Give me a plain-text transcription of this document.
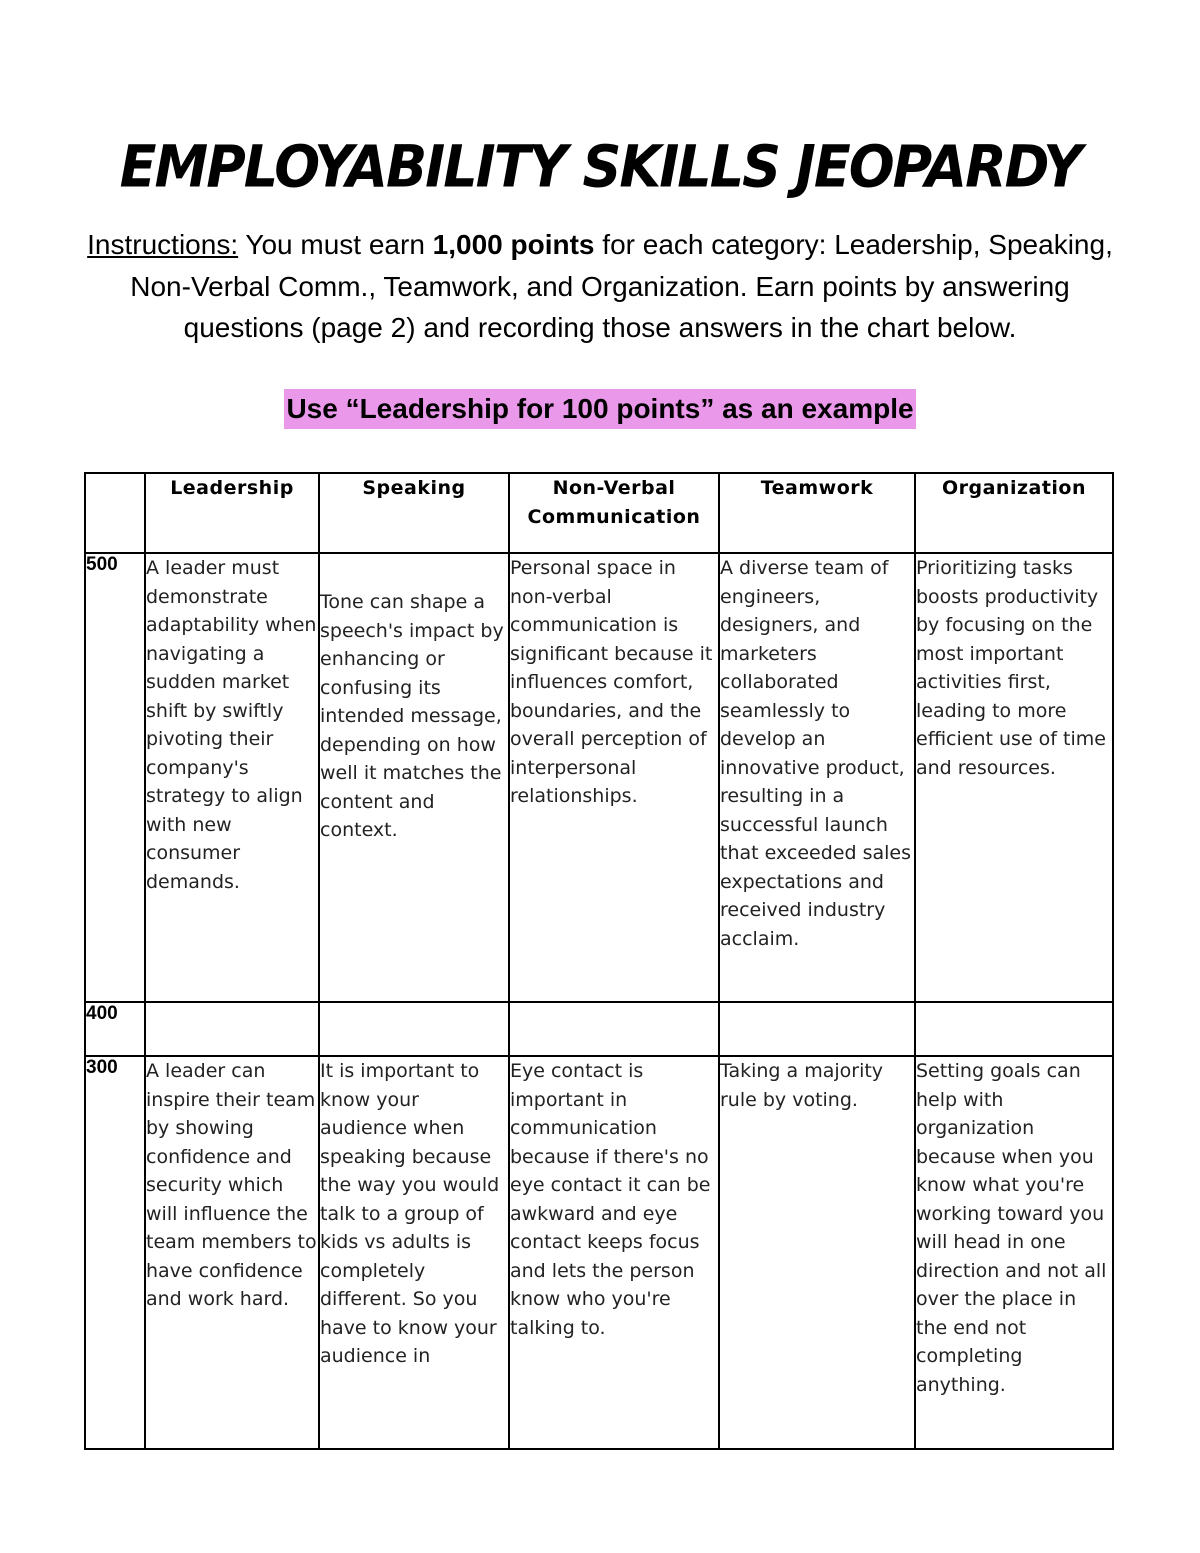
EMPLOYABILITY SKILLS JEOPARDY
Instructions: You must earn 1,000 points for each category: Leadership, Speaking, Non-Verbal Comm., Teamwork, and Organization. Earn points by answering questions (page 2) and recording those answers in the chart below.
Use “Leadership for 100 points” as an example
	Leadership	Speaking	Non-Verbal Communication	Teamwork	Organization
500	A leader must demonstrate adaptability when navigating a sudden market shift by swiftly pivoting their company's strategy to align with new consumer demands.	Tone can shape a speech's impact by enhancing or confusing its intended message, depending on how well it matches the content and context.	Personal space in non-verbal communication is significant because it influences comfort, boundaries, and the overall perception of interpersonal relationships.	A diverse team of engineers, designers, and marketers collaborated seamlessly to develop an innovative product, resulting in a successful launch that exceeded sales expectations and received industry acclaim.	Prioritizing tasks boosts productivity by focusing on the most important activities first, leading to more efficient use of time and resources.
400					
300	A leader can inspire their team by showing confidence and security which will influence the team members to have confidence and work hard.	It is important to know your audience when speaking because the way you would talk to a group of kids vs adults is completely different. So you have to know your audience in	Eye contact is important in communication because if there's no eye contact it can be awkward and eye contact keeps focus and lets the person know who you're talking to.	Taking a majority rule by voting.	Setting goals can help with organization because when you know what you're working toward you will head in one direction and not all over the place in the end not completing anything.
